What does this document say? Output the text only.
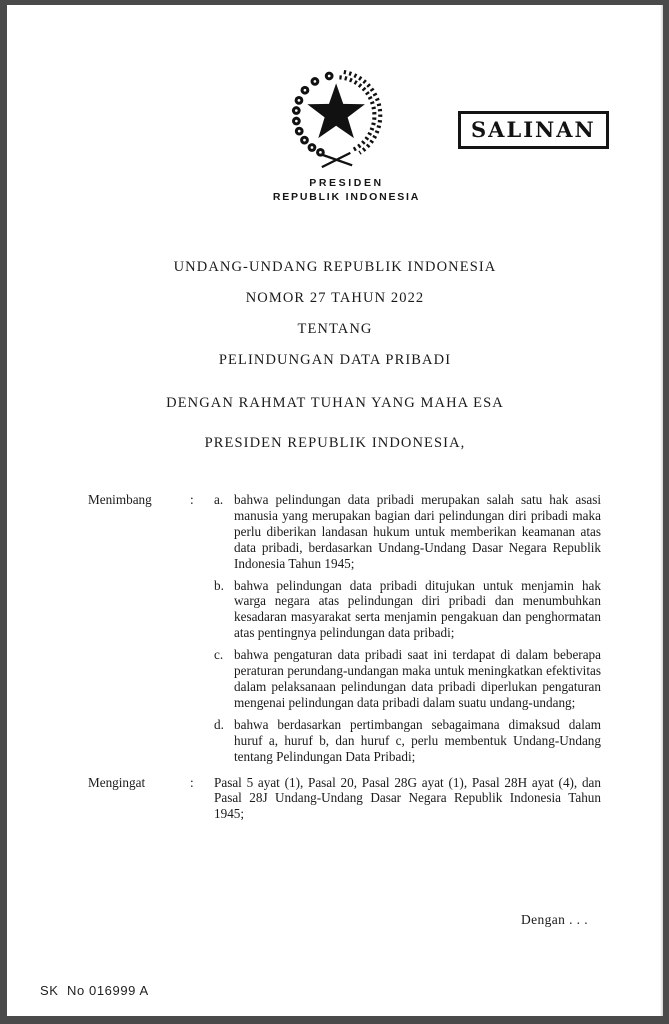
PRESIDEN
REPUBLIK INDONESIA
SALINAN
UNDANG-UNDANG REPUBLIK INDONESIA
NOMOR 27 TAHUN 2022
TENTANG
PELINDUNGAN DATA PRIBADI
DENGAN RAHMAT TUHAN YANG MAHA ESA
PRESIDEN REPUBLIK INDONESIA,
Menimbang	:	a. bahwa pelindungan data pribadi merupakan salah satu hak asasi manusia yang merupakan bagian dari pelindungan diri pribadi maka perlu diberikan landasan hukum untuk memberikan keamanan atas data pribadi, berdasarkan Undang-Undang Dasar Negara Republik Indonesia Tahun 1945;
b. bahwa pelindungan data pribadi ditujukan untuk menjamin hak warga negara atas pelindungan diri pribadi dan menumbuhkan kesadaran masyarakat serta menjamin pengakuan dan penghormatan atas pentingnya pelindungan data pribadi;
c. bahwa pengaturan data pribadi saat ini terdapat di dalam beberapa peraturan perundang-undangan maka untuk meningkatkan efektivitas dalam pelaksanaan pelindungan data pribadi diperlukan pengaturan mengenai pelindungan data pribadi dalam suatu undang-undang;
d. bahwa berdasarkan pertimbangan sebagaimana dimaksud dalam huruf a, huruf b, dan huruf c, perlu membentuk Undang-Undang tentang Pelindungan Data Pribadi;
Mengingat	:	Pasal 5 ayat (1), Pasal 20, Pasal 28G ayat (1), Pasal 28H ayat (4), dan Pasal 28J Undang-Undang Dasar Negara Republik Indonesia Tahun 1945;
Dengan . . .
SK  No 016999 A
